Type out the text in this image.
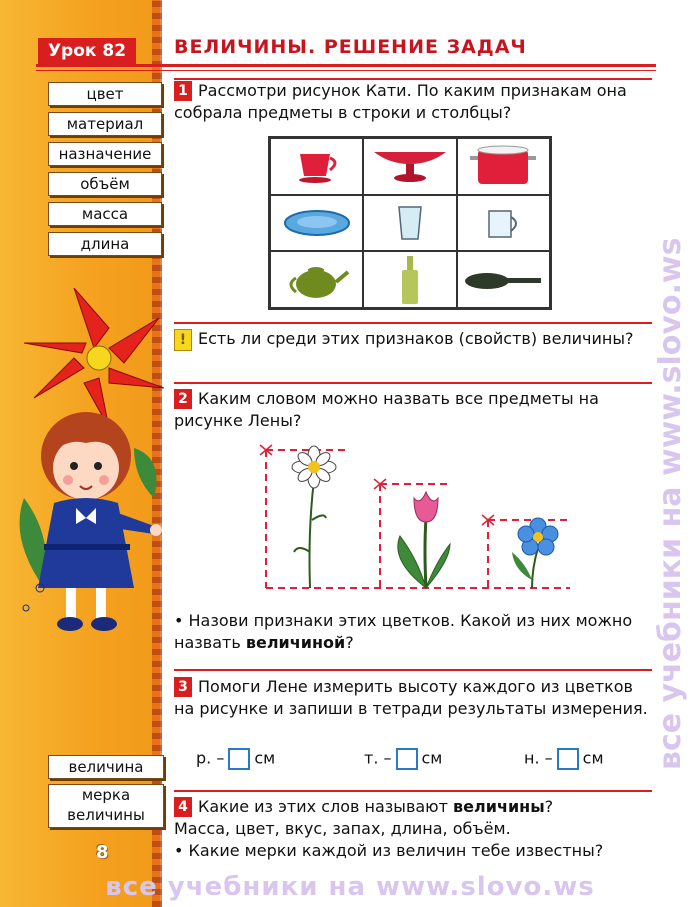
Урок 82	ВЕЛИЧИНЫ. РЕШЕНИЕ ЗАДАЧ
цвет
материал
назначение
объём
масса
длина
величина
мерка
величины
8
1 Рассмотри рисунок Кати. По каким признакам она собрала предметы в строки и столбцы?
! Есть ли среди этих признаков (свойств) величины?
2 Каким словом можно назвать все предметы на рисунке Лены?
• Назови признаки этих цветков. Какой из них можно назвать величиной?
3 Помоги Лене измерить высоту каждого из цветков на рисунке и запиши в тетради результаты измерения.
р. – см	т. – см	н. – см
4 Какие из этих слов называют величины?
Масса, цвет, вкус, запах, длина, объём.
• Какие мерки каждой из величин тебе известны?
все учебники на www.slovo.ws
все учебники на www.slovo.ws
